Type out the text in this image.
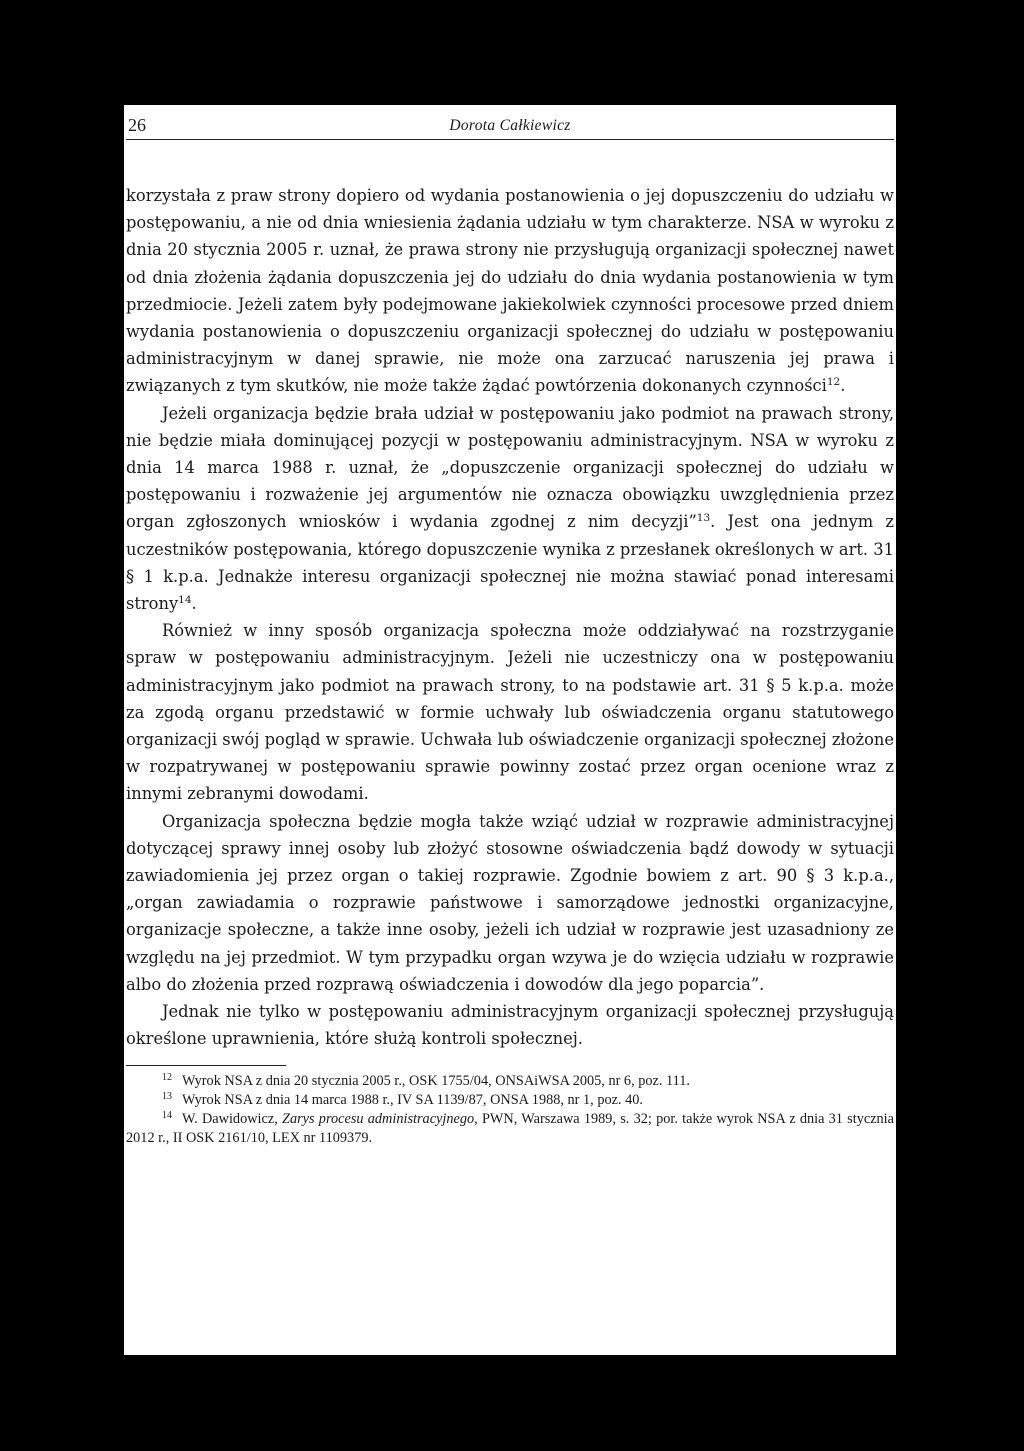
26	Dorota Całkiewicz

korzystała z praw strony dopiero od wydania postanowienia o jej dopuszczeniu do udziału w postępowaniu, a nie od dnia wniesienia żądania udziału w tym charakterze. NSA w wyroku z dnia 20 stycznia 2005 r. uznał, że prawa strony nie przysługują organizacji społecznej nawet od dnia złożenia żądania dopuszczenia jej do udziału do dnia wydania postanowienia w tym przedmiocie. Jeżeli zatem były podejmowane jakiekolwiek czynności procesowe przed dniem wydania postanowienia o dopuszczeniu organizacji społecznej do udziału w postępowaniu administracyjnym w danej sprawie, nie może ona zarzucać naruszenia jej prawa i związanych z tym skutków, nie może także żądać powtórzenia dokonanych czynności$^{12}$.

Jeżeli organizacja będzie brała udział w postępowaniu jako podmiot na prawach strony, nie będzie miała dominującej pozycji w postępowaniu administracyjnym. NSA w wyroku z dnia 14 marca 1988 r. uznał, że „dopuszczenie organizacji społecznej do udziału w postępowaniu i rozważenie jej argumentów nie oznacza obowiązku uwzględnienia przez organ zgłoszonych wniosków i wydania zgodnej z nim decyzji”$^{13}$. Jest ona jednym z uczestników postępowania, którego dopuszczenie wynika z przesłanek określonych w art. 31 § 1 k.p.a. Jednakże interesu organizacji społecznej nie można stawiać ponad interesami strony$^{14}$.

Również w inny sposób organizacja społeczna może oddziaływać na rozstrzyganie spraw w postępowaniu administracyjnym. Jeżeli nie uczestniczy ona w postępowaniu administracyjnym jako podmiot na prawach strony, to na podstawie art. 31 § 5 k.p.a. może za zgodą organu przedstawić w formie uchwały lub oświadczenia organu statutowego organizacji swój pogląd w sprawie. Uchwała lub oświadczenie organizacji społecznej złożone w rozpatrywanej w postępowaniu sprawie powinny zostać przez organ ocenione wraz z innymi zebranymi dowodami.

Organizacja społeczna będzie mogła także wziąć udział w rozprawie administracyjnej dotyczącej sprawy innej osoby lub złożyć stosowne oświadczenia bądź dowody w sytuacji zawiadomienia jej przez organ o takiej rozprawie. Zgodnie bowiem z art. 90 § 3 k.p.a., „organ zawiadamia o rozprawie państwowe i samorządowe jednostki organizacyjne, organizacje społeczne, a także inne osoby, jeżeli ich udział w rozprawie jest uzasadniony ze względu na jej przedmiot. W tym przypadku organ wzywa je do wzięcia udziału w rozprawie albo do złożenia przed rozprawą oświadczenia i dowodów dla jego poparcia”.

Jednak nie tylko w postępowaniu administracyjnym organizacji społecznej przysługują określone uprawnienia, które służą kontroli społecznej.

$^{12}$ Wyrok NSA z dnia 20 stycznia 2005 r., OSK 1755/04, ONSAiWSA 2005, nr 6, poz. 111.

$^{13}$ Wyrok NSA z dnia 14 marca 1988 r., IV SA 1139/87, ONSA 1988, nr 1, poz. 40.

$^{14}$ W. Dawidowicz, Zarys procesu administracyjnego, PWN, Warszawa 1989, s. 32; por. także wyrok NSA z dnia 31 stycznia 2012 r., II OSK 2161/10, LEX nr 1109379.
